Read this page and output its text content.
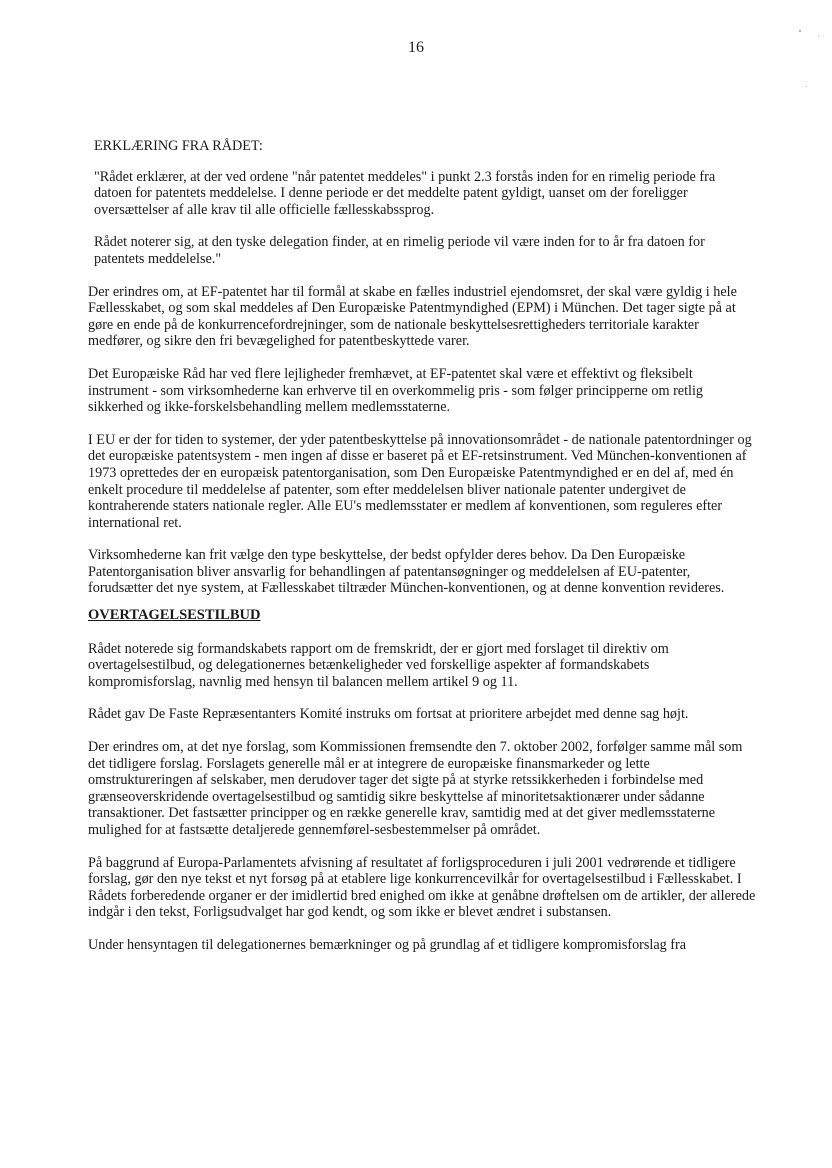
16

ERKLÆRING FRA RÅDET:

"Rådet erklærer, at der ved ordene "når patentet meddeles" i punkt 2.3 forstås inden for en rimelig periode fra datoen for patentets meddelelse. I denne periode er det meddelte patent gyldigt, uanset om der foreligger oversættelser af alle krav til alle officielle fællesskabssprog.

Rådet noterer sig, at den tyske delegation finder, at en rimelig periode vil være inden for to år fra datoen for patentets meddelelse."

Der erindres om, at EF-patentet har til formål at skabe en fælles industriel ejendomsret, der skal være gyldig i hele Fællesskabet, og som skal meddeles af Den Europæiske Patentmyndighed (EPM) i München. Det tager sigte på at gøre en ende på de konkurrencefordrejninger, som de nationale beskyttelsesrettigheders territoriale karakter medfører, og sikre den fri bevægelighed for patentbeskyttede varer.

Det Europæiske Råd har ved flere lejligheder fremhævet, at EF-patentet skal være et effektivt og fleksibelt instrument - som virksomhederne kan erhverve til en overkommelig pris - som følger principperne om retlig sikkerhed og ikke-forskelsbehandling mellem medlemsstaterne.

I EU er der for tiden to systemer, der yder patentbeskyttelse på innovationsområdet - de nationale patentordninger og det europæiske patentsystem - men ingen af disse er baseret på et EF-retsinstrument. Ved München-konventionen af 1973 oprettedes der en europæisk patentorganisation, som Den Europæiske Patentmyndighed er en del af, med én enkelt procedure til meddelelse af patenter, som efter meddelelsen bliver nationale patenter undergivet de kontraherende staters nationale regler. Alle EU's medlemsstater er medlem af konventionen, som reguleres efter international ret.

Virksomhederne kan frit vælge den type beskyttelse, der bedst opfylder deres behov. Da Den Europæiske Patentorganisation bliver ansvarlig for behandlingen af patentansøgninger og meddelelsen af EU-patenter, forudsætter det nye system, at Fællesskabet tiltræder München-konventionen, og at denne konvention revideres.

OVERTAGELSESTILBUD

Rådet noterede sig formandskabets rapport om de fremskridt, der er gjort med forslaget til direktiv om overtagelsestilbud, og delegationernes betænkeligheder ved forskellige aspekter af formandskabets kompromisforslag, navnlig med hensyn til balancen mellem artikel 9 og 11.

Rådet gav De Faste Repræsentanters Komité instruks om fortsat at prioritere arbejdet med denne sag højt.

Der erindres om, at det nye forslag, som Kommissionen fremsendte den 7. oktober 2002, forfølger samme mål som det tidligere forslag. Forslagets generelle mål er at integrere de europæiske finansmarkeder og lette omstruktureringen af selskaber, men derudover tager det sigte på at styrke retssikkerheden i forbindelse med grænseoverskridende overtagelsestilbud og samtidig sikre beskyttelse af minoritetsaktionærer under sådanne transaktioner. Det fastsætter principper og en række generelle krav, samtidig med at det giver medlemsstaterne mulighed for at fastsætte detaljerede gennemførel-sesbestemmelser på området.

På baggrund af Europa-Parlamentets afvisning af resultatet af forligsproceduren i juli 2001 vedrørende et tidligere forslag, gør den nye tekst et nyt forsøg på at etablere lige konkurrencevilkår for overtagelsestilbud i Fællesskabet. I Rådets forberedende organer er der imidlertid bred enighed om ikke at genåbne drøftelsen om de artikler, der allerede indgår i den tekst, Forligsudvalget har god kendt, og som ikke er blevet ændret i substansen.

Under hensyntagen til delegationernes bemærkninger og på grundlag af et tidligere kompromisforslag fra
